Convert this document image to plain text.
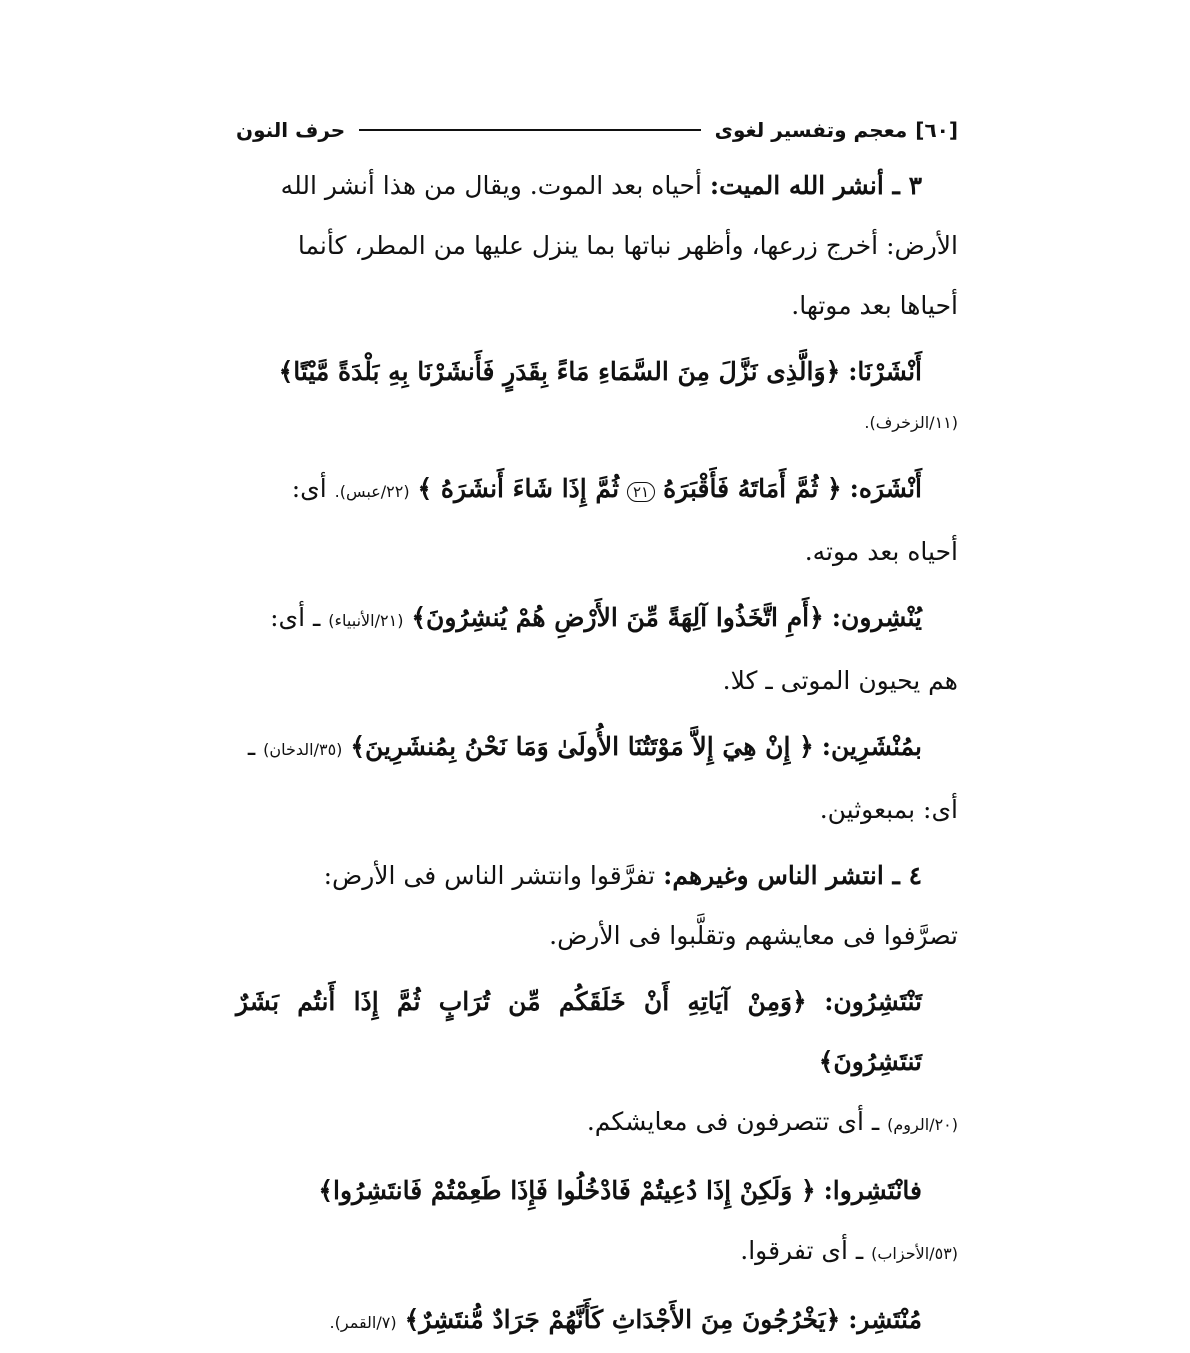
[٦٠]
معجم وتفسير لغوى
حرف النون

٣ ـ أنشر الله الميت: أحياه بعد الموت. ويقال من هذا أنشر الله

الأرض: أخرج زرعها، وأظهر نباتها بما ينزل عليها من المطر، كأنما

أحياها بعد موتها.

أَنْشَرْنَا: ﴿وَالَّذِى نَزَّلَ مِنَ السَّمَاءِ مَاءً بِقَدَرٍ فَأَنشَرْنَا بِهِ بَلْدَةً مَّيْتًا﴾

(١١/الزخرف).

أَنْشَرَه: ﴿ ثُمَّ أَمَاتَهُ فَأَقْبَرَهُ ٢١ ثُمَّ إِذَا شَاءَ أَنشَرَهُ ﴾ (٢٢/عبس). أى:

أحياه بعد موته.

يُنْشِرون: ﴿أَمِ اتَّخَذُوا آلِهَةً مِّنَ الأَرْضِ هُمْ يُنشِرُونَ﴾ (٢١/الأنبياء) ـ أى:

هم يحيون الموتى ـ كلا.

بمُنْشَرِين: ﴿ إِنْ هِيَ إِلاَّ مَوْتَتُنَا الأُولَىٰ وَمَا نَحْنُ بِمُنشَرِينَ﴾ (٣٥/الدخان) ـ

أى: بمبعوثين.

٤ ـ انتشر الناس وغيرهم: تفرَّقوا وانتشر الناس فى الأرض:

تصرَّفوا فى معايشهم وتقلَّبوا فى الأرض.

تَنْتَشِرُون: ﴿وَمِنْ آيَاتِهِ أَنْ خَلَقَكُم مِّن تُرَابٍ ثُمَّ إِذَا أَنتُم بَشَرٌ تَنتَشِرُونَ﴾

(٢٠/الروم) ـ أى تتصرفون فى معايشكم.

فانْتَشِروا: ﴿ وَلَكِنْ إِذَا دُعِيتُمْ فَادْخُلُوا فَإِذَا طَعِمْتُمْ فَانتَشِرُوا﴾

(٥٣/الأحزاب) ـ أى تفرقوا.

مُنْتَشِر: ﴿يَخْرُجُونَ مِنَ الأَجْدَاثِ كَأَنَّهُمْ جَرَادٌ مُّنتَشِرٌ﴾ (٧/القمر).
